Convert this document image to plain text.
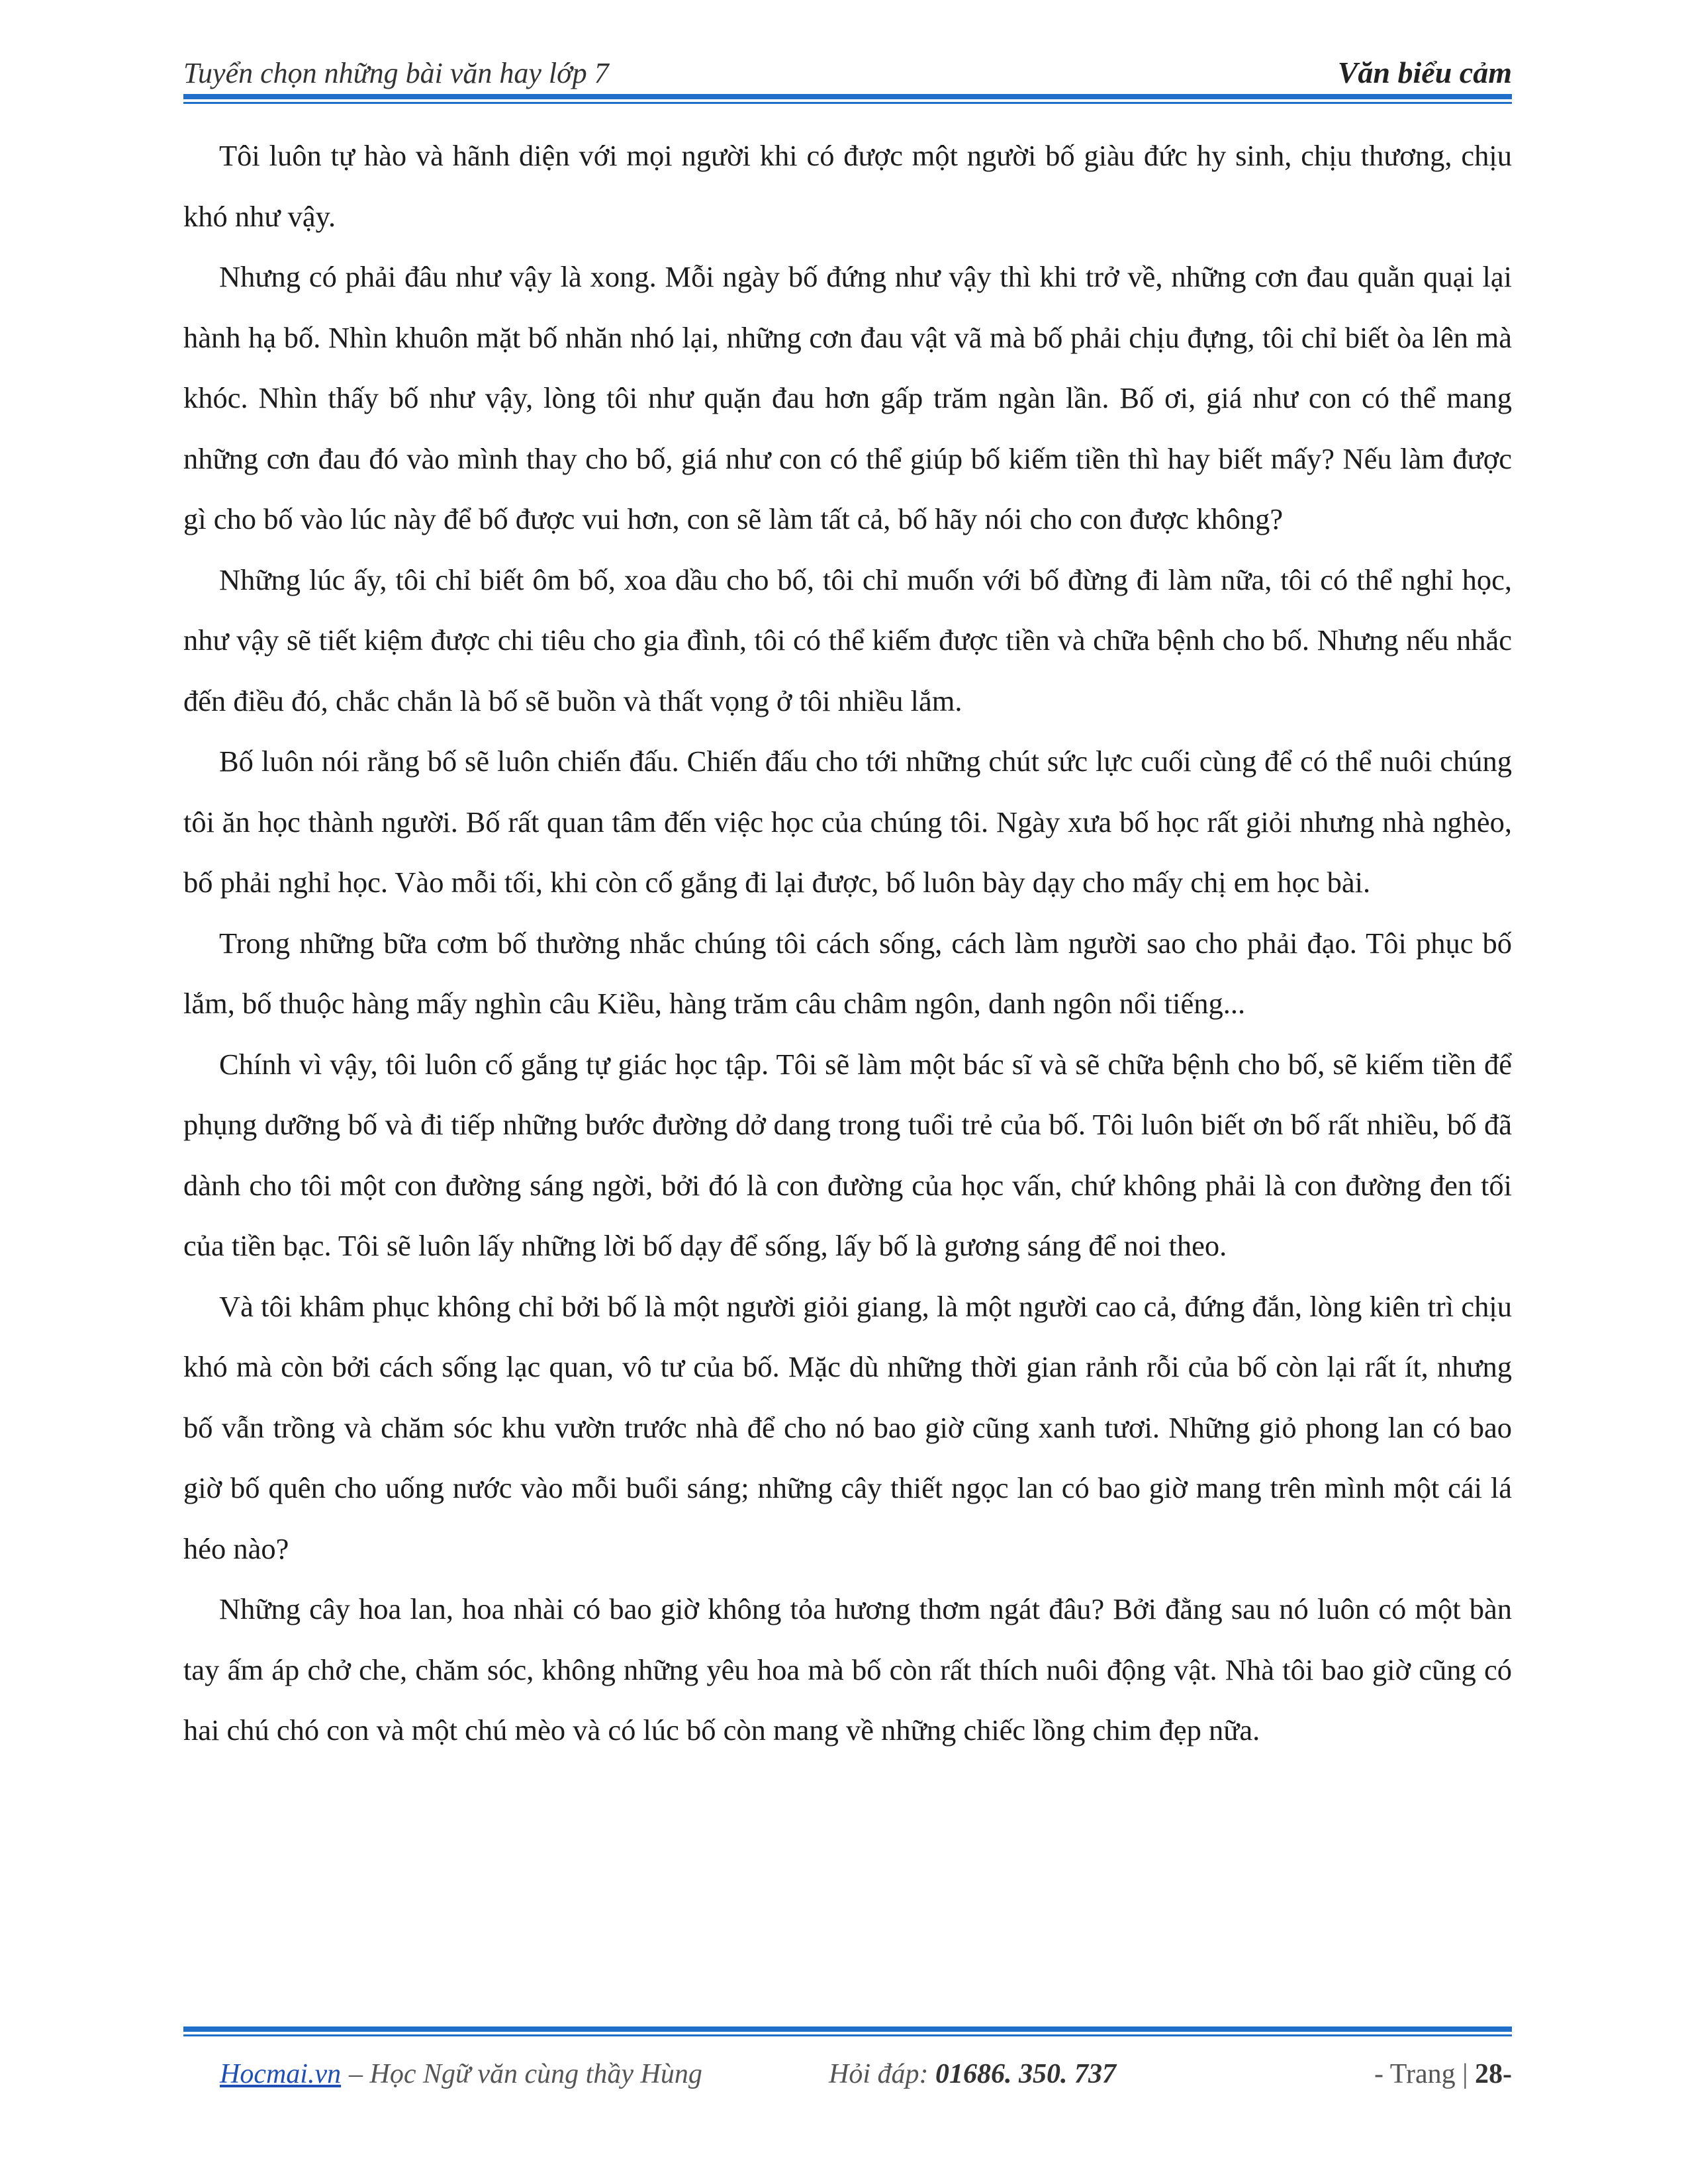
Tuyển chọn những bài văn hay lớp 7	Văn biểu cảm

Tôi luôn tự hào và hãnh diện với mọi người khi có được một người bố giàu đức hy sinh, chịu thương, chịu khó như vậy.

Nhưng có phải đâu như vậy là xong. Mỗi ngày bố đứng như vậy thì khi trở về, những cơn đau quằn quại lại hành hạ bố. Nhìn khuôn mặt bố nhăn nhó lại, những cơn đau vật vã mà bố phải chịu đựng, tôi chỉ biết òa lên mà khóc. Nhìn thấy bố như vậy, lòng tôi như quặn đau hơn gấp trăm ngàn lần. Bố ơi, giá như con có thể mang những cơn đau đó vào mình thay cho bố, giá như con có thể giúp bố kiếm tiền thì hay biết mấy? Nếu làm được gì cho bố vào lúc này để bố được vui hơn, con sẽ làm tất cả, bố hãy nói cho con được không?

Những lúc ấy, tôi chỉ biết ôm bố, xoa dầu cho bố, tôi chỉ muốn với bố đừng đi làm nữa, tôi có thể nghỉ học, như vậy sẽ tiết kiệm được chi tiêu cho gia đình, tôi có thể kiếm được tiền và chữa bệnh cho bố. Nhưng nếu nhắc đến điều đó, chắc chắn là bố sẽ buồn và thất vọng ở tôi nhiều lắm.

Bố luôn nói rằng bố sẽ luôn chiến đấu. Chiến đấu cho tới những chút sức lực cuối cùng để có thể nuôi chúng tôi ăn học thành người. Bố rất quan tâm đến việc học của chúng tôi. Ngày xưa bố học rất giỏi nhưng nhà nghèo, bố phải nghỉ học. Vào mỗi tối, khi còn cố gắng đi lại được, bố luôn bày dạy cho mấy chị em học bài.

Trong những bữa cơm bố thường nhắc chúng tôi cách sống, cách làm người sao cho phải đạo. Tôi phục bố lắm, bố thuộc hàng mấy nghìn câu Kiều, hàng trăm câu châm ngôn, danh ngôn nổi tiếng...

Chính vì vậy, tôi luôn cố gắng tự giác học tập. Tôi sẽ làm một bác sĩ và sẽ chữa bệnh cho bố, sẽ kiếm tiền để phụng dưỡng bố và đi tiếp những bước đường dở dang trong tuổi trẻ của bố. Tôi luôn biết ơn bố rất nhiều, bố đã dành cho tôi một con đường sáng ngời, bởi đó là con đường của học vấn, chứ không phải là con đường đen tối của tiền bạc. Tôi sẽ luôn lấy những lời bố dạy để sống, lấy bố là gương sáng để noi theo.

Và tôi khâm phục không chỉ bởi bố là một người giỏi giang, là một người cao cả, đứng đắn, lòng kiên trì chịu khó mà còn bởi cách sống lạc quan, vô tư của bố. Mặc dù những thời gian rảnh rỗi của bố còn lại rất ít, nhưng bố vẫn trồng và chăm sóc khu vườn trước nhà để cho nó bao giờ cũng xanh tươi. Những giỏ phong lan có bao giờ bố quên cho uống nước vào mỗi buổi sáng; những cây thiết ngọc lan có bao giờ mang trên mình một cái lá héo nào?

Những cây hoa lan, hoa nhài có bao giờ không tỏa hương thơm ngát đâu? Bởi đằng sau nó luôn có một bàn tay ấm áp chở che, chăm sóc, không những yêu hoa mà bố còn rất thích nuôi động vật. Nhà tôi bao giờ cũng có hai chú chó con và một chú mèo và có lúc bố còn mang về những chiếc lồng chim đẹp nữa.

Hocmai.vn – Học Ngữ văn cùng thầy Hùng	Hỏi đáp: 01686. 350. 737	- Trang | 28-
